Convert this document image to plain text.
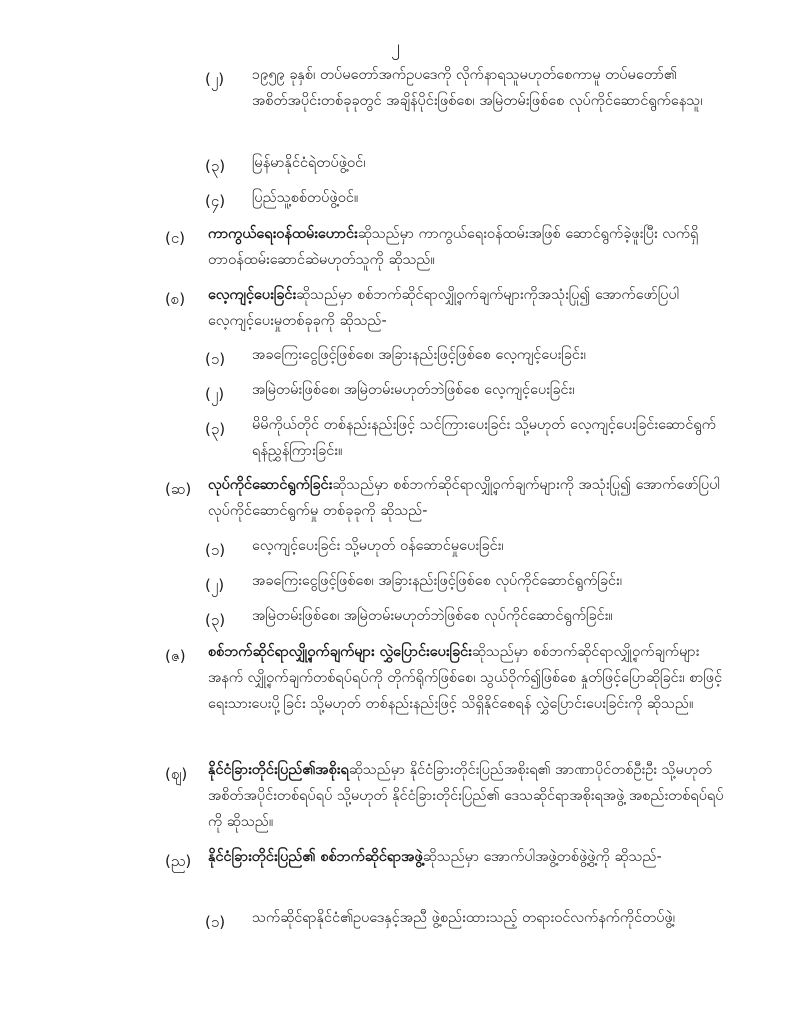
၂
(၂) ၁၉၅၉ ခုနှစ်၊ တပ်မတော်အက်ဥပဒေကို လိုက်နာရသူမဟုတ်စေကာမူ တပ်မတော်၏ အစိတ်အပိုင်းတစ်ခုခုတွင် အချိန်ပိုင်းဖြစ်စေ၊ အမြဲတမ်းဖြစ်စေ လုပ်ကိုင်ဆောင်ရွက်နေသူ၊
(၃) မြန်မာနိုင်ငံရဲတပ်ဖွဲ့ဝင်၊
(၄) ပြည်သူ့စစ်တပ်ဖွဲ့ဝင်။
(င) ကာကွယ်ရေးဝန်ထမ်းဟောင်းဆိုသည်မှာ ကာကွယ်ရေးဝန်ထမ်းအဖြစ် ဆောင်ရွက်ခဲ့ဖူးပြီး လက်ရှိတာဝန်ထမ်းဆောင်ဆဲမဟုတ်သူကို ဆိုသည်။
(စ) လေ့ကျင့်ပေးခြင်းဆိုသည်မှာ စစ်ဘက်ဆိုင်ရာလျှို့ဝှက်ချက်များကိုအသုံးပြု၍ အောက်ဖော်ပြပါ လေ့ကျင့်ပေးမှုတစ်ခုခုကို ဆိုသည်-
(၁) အခကြေးငွေဖြင့်ဖြစ်စေ၊ အခြားနည်းဖြင့်ဖြစ်စေ လေ့ကျင့်ပေးခြင်း၊
(၂) အမြဲတမ်းဖြစ်စေ၊ အမြဲတမ်းမဟုတ်ဘဲဖြစ်စေ လေ့ကျင့်ပေးခြင်း၊
(၃) မိမိကိုယ်တိုင် တစ်နည်းနည်းဖြင့် သင်ကြားပေးခြင်း သို့မဟုတ် လေ့ကျင့်ပေးခြင်းဆောင်ရွက်ရန်ညွှန်ကြားခြင်း။
(ဆ) လုပ်ကိုင်ဆောင်ရွက်ခြင်းဆိုသည်မှာ စစ်ဘက်ဆိုင်ရာလျှို့ဝှက်ချက်များကို အသုံးပြု၍ အောက်ဖော်ပြပါလုပ်ကိုင်ဆောင်ရွက်မှု တစ်ခုခုကို ဆိုသည်-
(၁) လေ့ကျင့်ပေးခြင်း သို့မဟုတ် ဝန်ဆောင်မှုပေးခြင်း၊
(၂) အခကြေးငွေဖြင့်ဖြစ်စေ၊ အခြားနည်းဖြင့်ဖြစ်စေ လုပ်ကိုင်ဆောင်ရွက်ခြင်း၊
(၃) အမြဲတမ်းဖြစ်စေ၊ အမြဲတမ်းမဟုတ်ဘဲဖြစ်စေ လုပ်ကိုင်ဆောင်ရွက်ခြင်း။
(ဇ) စစ်ဘက်ဆိုင်ရာလျှို့ဝှက်ချက်များ လွှဲပြောင်းပေးခြင်းဆိုသည်မှာ စစ်ဘက်ဆိုင်ရာလျှို့ဝှက်ချက်များအနက် လျှို့ဝှက်ချက်တစ်ရပ်ရပ်ကို တိုက်ရိုက်ဖြစ်စေ၊ သွယ်ဝိုက်၍ဖြစ်စေ နှုတ်ဖြင့်ပြောဆိုခြင်း၊ စာဖြင့်ရေးသားပေးပို့ခြင်း သို့မဟုတ် တစ်နည်းနည်းဖြင့် သိရှိနိုင်စေရန် လွှဲပြောင်းပေးခြင်းကို ဆိုသည်။
(ဈ) နိုင်ငံခြားတိုင်းပြည်၏အစိုးရဆိုသည်မှာ နိုင်ငံခြားတိုင်းပြည်အစိုးရ၏ အာဏာပိုင်တစ်ဦးဦး သို့မဟုတ် အစိတ်အပိုင်းတစ်ရပ်ရပ် သို့မဟုတ် နိုင်ငံခြားတိုင်းပြည်၏ ဒေသဆိုင်ရာအစိုးရအဖွဲ့ အစည်းတစ်ရပ်ရပ်ကို ဆိုသည်။
(ည) နိုင်ငံခြားတိုင်းပြည်၏ စစ်ဘက်ဆိုင်ရာအဖွဲ့ဆိုသည်မှာ အောက်ပါအဖွဲ့တစ်ဖွဲ့ဖွဲ့ကို ဆိုသည်-
(၁) သက်ဆိုင်ရာနိုင်ငံ၏ဥပဒေနှင့်အညီ ဖွဲ့စည်းထားသည့် တရားဝင်လက်နက်ကိုင်တပ်ဖွဲ့၊
